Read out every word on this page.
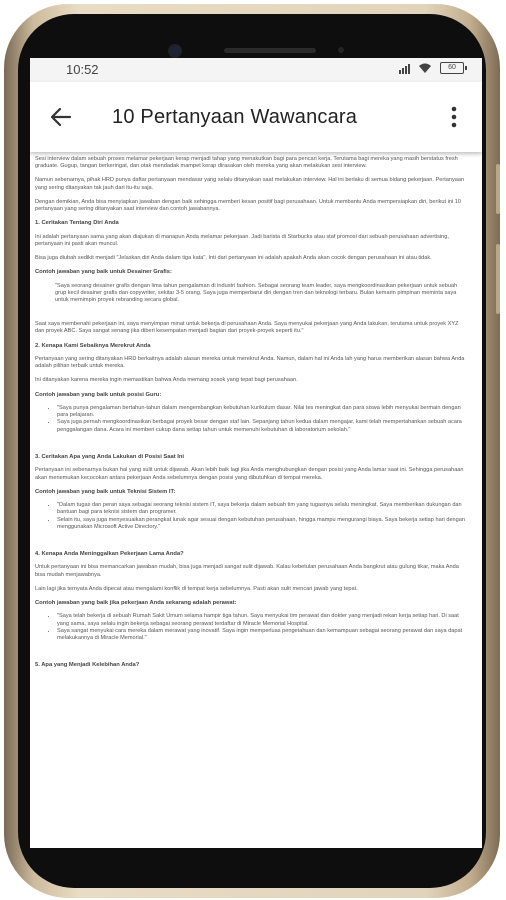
10:52	60
10 Pertanyaan Wawancara

Sesi interview dalam sebuah proses melamar pekerjaan kerap menjadi tahap yang menakutkan bagi para pencari kerja. Terutama bagi mereka yang masih berstatus fresh graduate. Gugup, tangan berkeringat, dan otak mendadak mampet kerap dirasakan oleh mereka yang akan melakukan sesi interview.

Namun sebenarnya, pihak HRD punya daftar pertanyaan mendasar yang selalu ditanyakan saat melakukan interview. Hal ini berlaku di semua bidang pekerjaan. Pertanyaan yang sering ditanyakan tak jauh dari itu-itu saja.

Dengan demikian, Anda bisa menyiapkan jawaban dengan baik sehingga memberi kesan positif bagi perusahaan. Untuk membantu Anda mempersiapkan diri, berikut ini 10 pertanyaan yang sering ditanyakan saat interview dan contoh jawabannya.

1. Ceritakan Tentang Diri Anda

Ini adalah pertanyaan sama yang akan diajukan di manapun Anda melamar pekerjaan. Jadi barista di Starbucks atau staf promosi dari sebuah perusahaan advertising, pertanyaan ini pasti akan muncul.

Bisa juga diubah sedikit menjadi "Jelaskan diri Anda dalam tiga kata". Inti dari pertanyaan ini adalah apakah Anda akan cocok dengan perusahaan ini atau tidak.

Contoh jawaban yang baik untuk Desainer Grafis:

"Saya seorang desainer grafis dengan lima tahun pengalaman di industri fashion. Sebagai seorang team leader, saya mengkoordinasikan pekerjaan untuk sebuah grup kecil desainer grafis dan copywriter, sekitar 3-5 orang. Saya juga memperbarui diri dengan tren dan teknologi terbaru. Bulan kemarin pimpinan meminta saya untuk memimpin proyek rebranding secara global.

Saat saya membenahi pekerjaan ini, saya menyimpan minat untuk bekerja di perusahaan Anda. Saya menyukai pekerjaan yang Anda lakukan, terutama untuk proyek XYZ dan proyek ABC. Saya sangat senang jika diberi kesempatan menjadi bagian dari proyek-proyek seperti itu."

2. Kenapa Kami Sebaiknya Merekrut Anda

Pertanyaan yang sering ditanyakan HRD berkaitnya adalah alasan mereka untuk merekrut Anda. Namun, dalam hal ini Anda lah yang harus memberikan alasan bahwa Anda adalah pilihan terbaik untuk mereka.

Ini ditanyakan karena mereka ingin memastikan bahwa Anda memang sosok yang tepat bagi perusahaan.

Contoh jawaban yang baik untuk posisi Guru:
• "Saya punya pengalaman bertahun-tahun dalam mengembangkan kebutuhan kurikulum dasar. Nilai tes meningkat dan para siswa lebih menyukai bermain dengan para pelajaran.
• Saya juga pernah mengkoordinasikan berbagai proyek besar dengan staf lain. Sepanjang tahun kedua dalam mengajar, kami telah mempertahankan sebuah acara penggalangan dana. Acara ini memberi cukup dana setiap tahun untuk memenuhi kebutuhan di laboratorium sekolah."
3. Ceritakan Apa yang Anda Lakukan di Posisi Saat Ini

Pertanyaan ini sebenarnya bukan hal yang sulit untuk dijawab. Akan lebih baik lagi jika Anda menghubungkan dengan posisi yang Anda lamar saat ini. Sehingga perusahaan akan menemukan kecocokan antara pekerjaan Anda sebelumnya dengan posisi yang dibutuhkan di tempat mereka.

Contoh jawaban yang baik untuk Teknisi Sistem IT:
• "Dalam tugas dan peran saya sebagai seorang teknisi sistem IT, saya bekerja dalam sebuah tim yang tugasnya selalu meningkat. Saya memberikan dukungan dan bantuan bagi para teknisi sistem dan programer.
• Selain itu, saya juga menyesuaikan perangkat lunak agar sesuai dengan kebutuhan perusahaan, hingga mampu mengurangi biaya. Saya bekerja setiap hari dengan menggunakan Microsoft Active Directory."
4. Kenapa Anda Meninggalkan Pekerjaan Lama Anda?

Untuk pertanyaan ini bisa memancarkan jawaban mudah, bisa juga menjadi sangat sulit dijawab. Kalau kebetulan perusahaan Anda bangkrut atau gulung tikar, maka Anda bisa mudah menjawabnya.

Lain lagi jika ternyata Anda dipecat atau mengalami konflik di tempat kerja sebelumnya. Pasti akan sulit mencari jawab yang tepat.

Contoh jawaban yang baik jika pekerjaan Anda sekarang adalah perawat:
• "Saya telah bekerja di sebuah Rumah Sakit Umum selama hampir tiga tahun. Saya menyukai tim perawat dan dokter yang menjadi rekan kerja setiap hari. Di saat yang sama, saya selalu ingin bekerja sebagai seorang perawat terdaftar di Miracle Memorial Hospital.
• Saya sangat menyukai cara mereka dalam merawat yang inovatif. Saya ingin memperluas pengetahuan dan kemampuan sebagai seorang perawat dan saya dapat melakukannya di Miracle Memorial."
5. Apa yang Menjadi Kelebihan Anda?
